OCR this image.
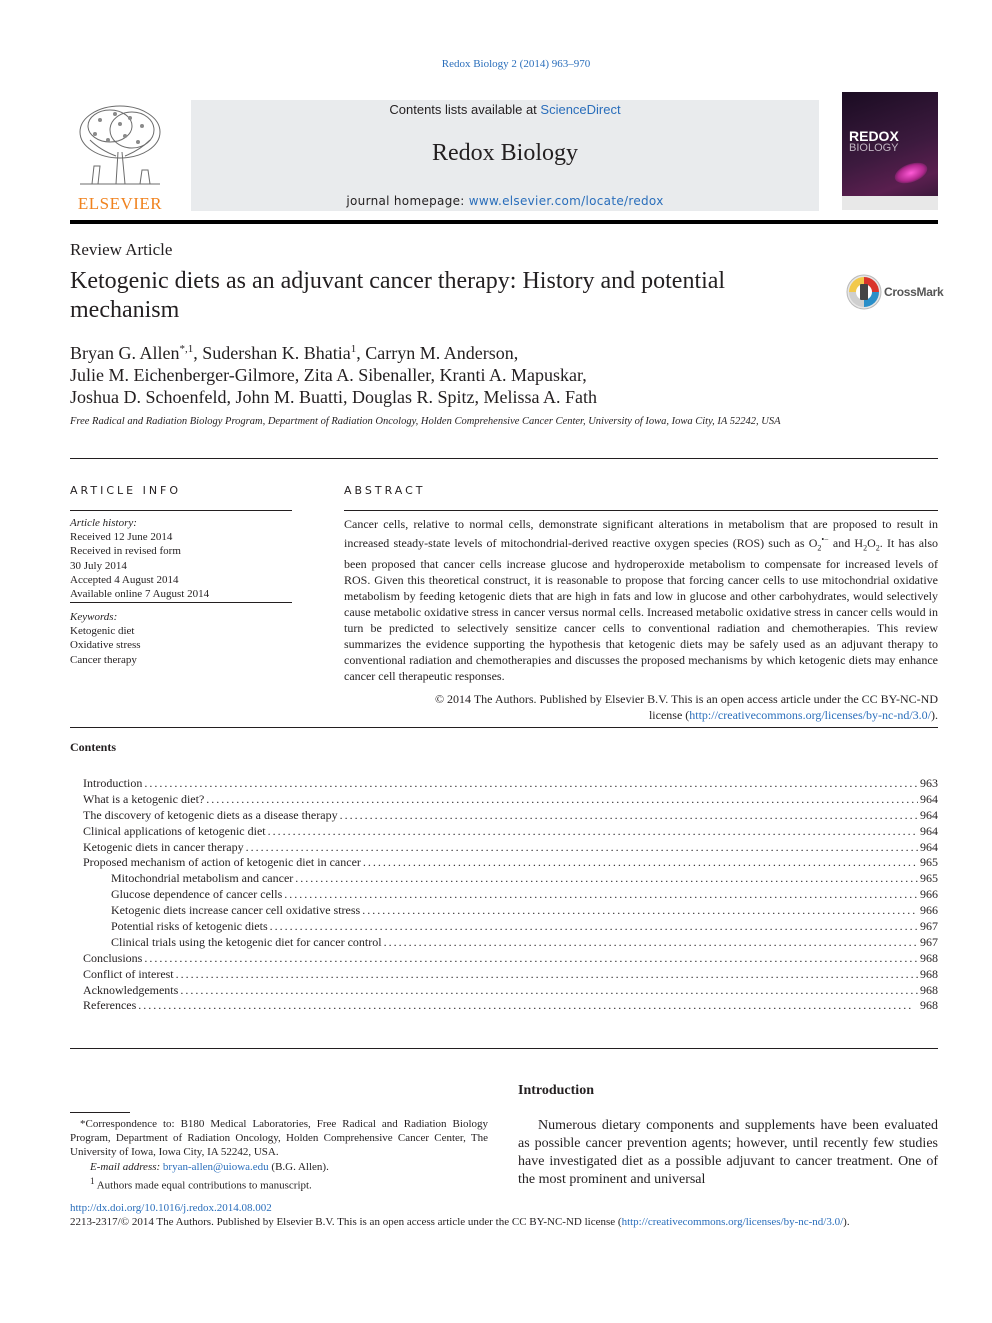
Redox Biology 2 (2014) 963–970
ELSEVIER
Contents lists available at ScienceDirect
Redox Biology
journal homepage: www.elsevier.com/locate/redox
REDOX
BIOLOGY
Review Article
Ketogenic diets as an adjuvant cancer therapy: History and potential mechanism
CrossMark
Bryan G. Allen$^{*,1}$, Sudershan K. Bhatia$^1$, Carryn M. Anderson,
Julie M. Eichenberger-Gilmore, Zita A. Sibenaller, Kranti A. Mapuskar,
Joshua D. Schoenfeld, John M. Buatti, Douglas R. Spitz, Melissa A. Fath
Free Radical and Radiation Biology Program, Department of Radiation Oncology, Holden Comprehensive Cancer Center, University of Iowa, Iowa City, IA 52242, USA
ARTICLE INFO
Article history:
Received 12 June 2014
Received in revised form
30 July 2014
Accepted 4 August 2014
Available online 7 August 2014
Keywords:
Ketogenic diet
Oxidative stress
Cancer therapy
ABSTRACT
Cancer cells, relative to normal cells, demonstrate significant alterations in metabolism that are proposed to result in increased steady-state levels of mitochondrial-derived reactive oxygen species (ROS) such as $O_2^{•-}$ and $H_2O_2$. It has also been proposed that cancer cells increase glucose and hydroperoxide metabolism to compensate for increased levels of ROS. Given this theoretical construct, it is reasonable to propose that forcing cancer cells to use mitochondrial oxidative metabolism by feeding ketogenic diets that are high in fats and low in glucose and other carbohydrates, would selectively cause metabolic oxidative stress in cancer versus normal cells. Increased metabolic oxidative stress in cancer cells would in turn be predicted to selectively sensitize cancer cells to conventional radiation and chemotherapies. This review summarizes the evidence supporting the hypothesis that ketogenic diets may be safely used as an adjuvant therapy to conventional radiation and chemotherapies and discusses the proposed mechanisms by which ketogenic diets may enhance cancer cell therapeutic responses.
© 2014 The Authors. Published by Elsevier B.V. This is an open access article under the CC BY-NC-ND
license (http://creativecommons.org/licenses/by-nc-nd/3.0/).
Contents
Introduction . . .	963
What is a ketogenic diet? . . .	964
The discovery of ketogenic diets as a disease therapy . . .	964
Clinical applications of ketogenic diet . . .	964
Ketogenic diets in cancer therapy . . .	964
Proposed mechanism of action of ketogenic diet in cancer . . .	965
Mitochondrial metabolism and cancer . . .	965
Glucose dependence of cancer cells . . .	966
Ketogenic diets increase cancer cell oxidative stress . . .	966
Potential risks of ketogenic diets . . .	967
Clinical trials using the ketogenic diet for cancer control . . .	967
Conclusions . . .	968
Conflict of interest . . .	968
Acknowledgements . . .	968
References . . .	968
Introduction
Numerous dietary components and supplements have been evaluated as possible cancer prevention agents; however, until recently few studies have investigated diet as a possible adjuvant to cancer treatment. One of the most prominent and universal
*Correspondence to: B180 Medical Laboratories, Free Radical and Radiation Biology Program, Department of Radiation Oncology, Holden Comprehensive Cancer Center, The University of Iowa, Iowa City, IA 52242, USA.
E-mail address: bryan-allen@uiowa.edu (B.G. Allen).
$^1$ Authors made equal contributions to manuscript.
http://dx.doi.org/10.1016/j.redox.2014.08.002
2213-2317/© 2014 The Authors. Published by Elsevier B.V. This is an open access article under the CC BY-NC-ND license (http://creativecommons.org/licenses/by-nc-nd/3.0/).
